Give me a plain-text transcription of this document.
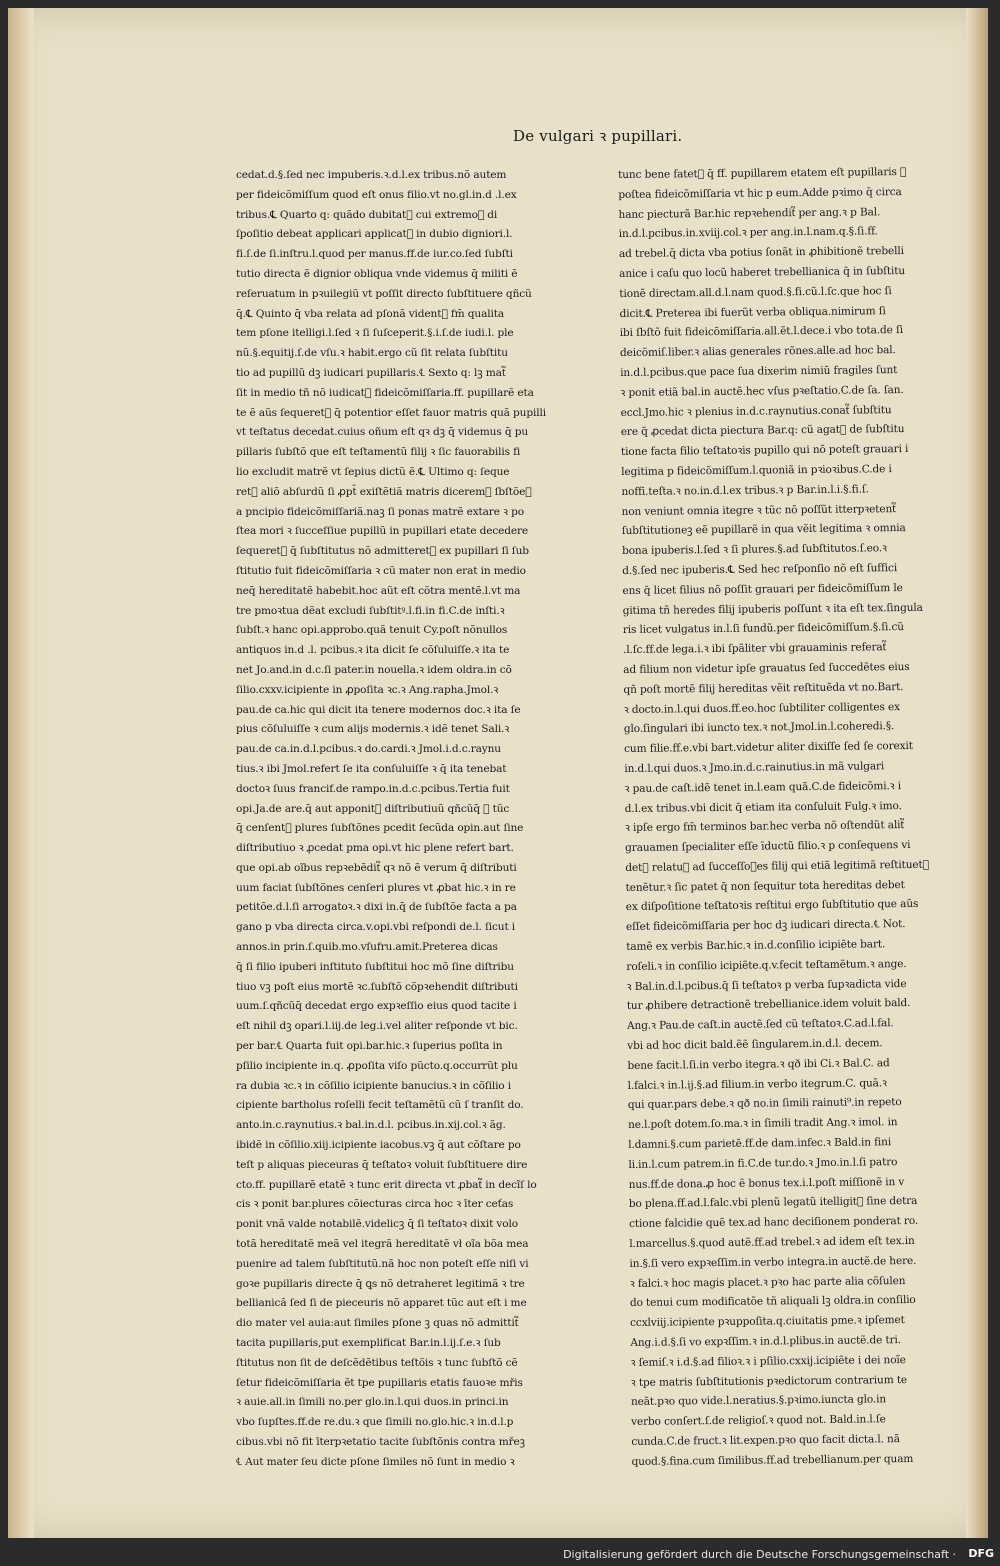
De vulgari ꝛ pupillari.
cedat.d.§.ſed nec impuberis.ꝛ.d.l.ex tribus.nõ autem
per fideicõmiſſum quod eſt onus filio.vt no.gl.in.d .l.ex
tribus.℄ Quarto q: quãdo dubitat᷑ cui extremoꝝ di
ſpoſitio debeat applicari applicat᷑ in dubio digniori.l.
fi.ſ.de ſi.inſtru.l.quod per manus.ff.de iur.co.ſed ſubſti
tutio directa ẽ dignior obliqua vnde videmus q̄ militi ẽ
reſeruatum in pꝛuilegiũ vt poſſit directo ſubſtituere qñcũ
q̄.℄ Quinto q̄ vba relata ad pſonã vident᷑ fm̄ qualita
tem pſone itelligi.l.ſed ꝛ ſi ſuſceperit.§.i.ſ.de iudi.l. ple
nũ.§.equitij.ſ.de vſu.ꝛ habit.ergo cũ ſit relata ſubſtitu
tio ad pupillũ dꝫ iudicari pupillaris.℄ Sexto q: lꝫ mat᷑
ſit in medio tñ nõ iudicat᷑ fideicõmiſſaria.ff. pupillarẽ eta
te ẽ aũs ſequeret᷑ q̄ potentior eſſet fauor matris quã pupilli
vt teſtatus decedat.cuius oñum eſt qꝛ dꝫ q̄ videmus q̄ pu
pillaris ſubſtõ que eſt teſtamentũ filij ꝛ ſic fauorabilis fi
lio excludit matrẽ vt ſepius dictũ ẽ.℄ Ultimo q: ſeque
ret᷑ aliõ abſurdũ ſi ꝓpt̄ exiſtẽtiã matris diceremꝰ ſbſtõeꝫ
a pncipio fideicõmiſſariã.naꝫ ſi ponas matrẽ extare ꝛ po
ſtea mori ꝛ ſucceſſiue pupillũ in pupillari etate decedere
ſequeret᷑ q̄ ſubſtitutus nõ admitteret᷑ ex pupillari ſi ſub
ſtitutio fuit fideicõmiſſaria ꝛ cũ mater non erat in medio
neq̄ hereditatẽ habebit.hoc aũt eſt cõtra mentẽ.l.vt ma
tre pmoꝛtua dẽat excludi ſubſtitꝰ.l.fi.in fi.C.de inſti.ꝛ
ſubſt.ꝛ hanc opi.approbo.quã tenuit Cy.poſt nõnullos
antiquos in.d .l. pcibus.ꝛ ita dicit ſe cõſuluiſſe.ꝛ ita te
net Jo.and.in d.c.ſi pater.in nouella.ꝛ idem oldra.in cõ
ſilio.cxxv.icipiente in ꝓpoſita ꝛc.ꝛ Ang.rapha.Jmol.ꝛ
pau.de ca.hic qui dicit ita tenere modernos doc.ꝛ ita ſe
pius cõſuluiſſe ꝛ cum alijs modernis.ꝛ idẽ tenet Sali.ꝛ
pau.de ca.in.d.l.pcibus.ꝛ do.cardi.ꝛ Jmol.i.d.c.raynu
tius.ꝛ ibi Jmol.refert ſe ita conſuluiſſe ꝛ q̄ ita tenebat
doctoꝛ ſuus francif.de rampo.in.d.c.pcibus.Tertia fuit
opi.Ja.de are.q̄ aut apponit᷑ diſtributiuũ qñcũq̄ ꝛ tũc
q̄ cenſent᷑ plures ſubſtõnes pcedit ſecũda opin.aut ſine
diſtributiuo ꝛ ꝓcedat pma opi.vt hic plene refert bart.
que opi.ab oĩbus repꝛebẽdit᷑ qꝛ nõ ẽ verum q̄ diſtributi
uum faciat ſubſtõnes cenſeri plures vt ꝓbat hic.ꝛ in re
petitõe.d.l.ſi arrogatoꝛ.ꝛ dixi in.q̄ de ſubſtõe facta a pa
gano p vba directa circa.v.opi.vbi reſpondi de.l. ſicut i
annos.in prin.ſ.quib.mo.vſufru.amit.Preterea dicas
q̄ ſi filio ipuberi inſtituto ſubſtitui hoc mõ ſine diſtribu
tiuo vꝫ poſt eius mortẽ ꝛc.ſubſtõ cõpꝛehendit diſtributi
uum.ſ.qñcũq̄ decedat ergo expꝛeſſio eius quod tacite i
eſt nihil dꝫ opari.l.iij.de leg.i.vel aliter reſponde vt bic.
per bar.℄ Quarta fuit opi.bar.hic.ꝛ ſuperius poſita in
pſilio incipiente in.q. ꝓpoſita viſo pũcto.q.occurrũt plu
ra dubia ꝛc.ꝛ in cõſilio icipiente banucius.ꝛ in cõſilio i
cipiente bartholus roſelli fecit teſtamẽtũ cũ ſ tranſit do.
anto.in.c.raynutius.ꝛ bal.in.d.l. pcibus.in.xij.col.ꝛ ãg.
ibidẽ in cõſilio.xiij.icipiente iacobus.vꝫ q̄ aut cõſtare po
teſt p aliquas pieceuras q̄ teſtatoꝛ voluit ſubſtituere dire
cto.ff. pupillarẽ etatẽ ꝛ tunc erit directa vt ꝓbat᷑ in decĩſ lo
cis ꝛ ponit bar.plures cõiecturas circa hoc ꝛ īter ceťas
ponit vnã valde notabilẽ.videlicꝫ q̄ ſi teſtatoꝛ dixit volo
totã hereditatẽ meã vel itegrã hereditatẽ vł oĩa bõa mea
puenire ad talem ſubſtitutũ.nã hoc non poteſt eſſe niſi vi
goꝛe pupillaris directe q̄ ꝗs nõ detraheret legitimã ꝛ tre
bellianicã ſed ſi de pieceuris nõ apparet tũc aut eſt i me
dio mater vel auia:aut ſimiles pſone ꝫ quas nõ admittit᷑
tacita pupillaris,put exemplificat Bar.in.l.ij.ſ.e.ꝛ ſub
ſtitutus non ſit de deſcẽdẽtibus teſtõis ꝛ tunc ſubſtõ cẽ
ſetur fideicõmiſſaria ẽt tpe pupillaris etatis fauoꝛe mřis
ꝛ auie.all.in ſimili no.per glo.in.l.qui duos.in princi.in
vbo ſupſtes.ff.de re.du.ꝛ que ſimili no.glo.hic.ꝛ in.d.l.p
cibus.vbi nõ fit īterpꝛetatio tacite ſubſtõnis contra mřeꝫ
℄ Aut mater ſeu dicte pſone ſimiles nõ ſunt in medio ꝛ
tunc bene fatet᷑ q̄ ff. pupillarem etatem eſt pupillaris ꝛ
poſtea fideicõmiſſaria vt hic p eum.Adde pꝛimo q̄ circa
hanc piecturã Bar.hic repꝛehendit᷑ per ang.ꝛ p Bal.
in.d.l.pcibus.in.xviij.col.ꝛ per ang.in.l.nam.q.§.ſi.ff.
ad trebel.q̄ dicta vba potius ſonãt in ꝓhibitionẽ trebelli
anice i caſu quo locũ haberet trebellianica q̄ in ſubſtitu
tionẽ directam.all.d.l.nam quod.§.fi.cũ.l.ſc.que hoc ſi
dicit.℄ Preterea ibi fuerũt verba obliqua.nimirum ſi
ibi ſbſtõ fuit fideicõmiſſaria.all.ẽt.l.dece.i vbo tota.de ſi
deicõmiſ.liber.ꝛ alias generales rõnes.alle.ad hoc bal.
in.d.l.pcibus.que pace ſua dixerim nimiũ fragiles ſunt
ꝛ ponit etiã bal.in auctẽ.hec vſus pꝛeſtatio.C.de ſa. ſan.
eccl.Jmo.hic ꝛ plenius in.d.c.raynutius.conat᷑ ſubſtitu
ere q̄ ꝓcedat dicta piectura Bar.q: cũ agat᷑ de ſubſtitu
tione facta filio teſtatoꝛis pupillo qui nõ poteſt grauari i
legitima p fideicõmiſſum.l.quoniã in pꝛioꝛibus.C.de i
noffi.teſta.ꝛ no.in.d.l.ex tribus.ꝛ p Bar.in.l.i.§.fi.ſ.
non veniunt omnia itegre ꝛ tũc nõ poſſũt itterpꝛetent᷑
ſubſtitutioneꝫ eẽ pupillarẽ in qua vẽit legitima ꝛ omnia
bona ipuberis.l.ſed ꝛ ſi plures.§.ad ſubſtitutos.ſ.eo.ꝛ
d.§.ſed nec ipuberis.℄ Sed hec reſponſio nõ eſt ſuffici
ens q̄ licet filius nõ poſſit grauari per fideicõmiſſum le
gitima tñ heredes filij ipuberis poſſunt ꝛ ita eſt tex.ſingula
ris licet vulgatus in.l.ſi fundũ.per fideicõmiſſum.§.ſi.cũ
.l.ſc.ff.de lega.i.ꝛ ibi ſpãliter vbi grauaminis referat᷑
ad filium non videtur ipſe grauatus ſed ſuccedẽtes eius
qñ poſt mortẽ filij hereditas vẽit reſtituẽda vt no.Bart.
ꝛ docto.in.l.qui duos.ff.eo.hoc ſubtiliter colligentes ex
glo.ſingulari ibi iuncto tex.ꝛ not.Jmol.in.l.coheredi.§.
cum filie.ff.e.vbi bart.videtur aliter dixiſſe ſed ſe corexit
in.d.l.qui duos.ꝛ Jmo.in.d.c.rainutius.in mã vulgari
ꝛ pau.de caſt.idẽ tenet in.l.eam quã.C.de fideicõmi.ꝛ i
d.l.ex tribus.vbi dicit q̄ etiam ita conſuluit Fulg.ꝛ imo.
ꝛ ipſe ergo fm̄ terminos bar.hec verba nõ oſtendũt alit᷑
grauamen ſpecialiter eſſe īductũ filio.ꝛ p conſequens vi
det᷑ relatuꝫ ad ſucceſſoꝛes filij qui etiã legitimã reſtituet᷑
tenẽtur.ꝛ ſic patet q̄ non ſequitur tota hereditas debet
ex diſpoſitione teſtatoꝛis reſtitui ergo ſubſtitutio que aũs
eſſet fideicõmiſſaria per hoc dꝫ iudicari directa.℄ Not.
tamẽ ex verbis Bar.hic.ꝛ in.d.conſilio icipiẽte bart.
roſeli.ꝛ in conſilio icipiẽte.q.v.fecit teſtamẽtum.ꝛ ange.
ꝛ Bal.in.d.l.pcibus.q̄ ſi teſtatoꝛ p verba ſupꝛadicta vide
tur ꝓhibere detractionẽ trebellianice.idem voluit bald.
Ang.ꝛ Pau.de caſt.in auctẽ.ſed cũ teſtatoꝛ.C.ad.l.fal.
vbi ad hoc dicit bald.ẽẽ ſingularem.in.d.l. decem.
bene facit.l.ſi.in verbo itegra.ꝛ qð ibi Ci.ꝛ Bal.C. ad
l.falci.ꝛ in.l.ij.§.ad filium.in verbo itegrum.C. quã.ꝛ
qui quar.pars debe.ꝛ qð no.in ſimili rainuti⁹.in repeto
ne.l.poſt dotem.ſo.ma.ꝛ in ſimili tradit Ang.ꝛ imol. in
l.damni.§.cum parietẽ.ff.de dam.infec.ꝛ Bald.in fini
li.in.l.cum patrem.in fi.C.de tur.do.ꝛ Jmo.in.l.ſi patro
nus.ff.de dona.ꝓ hoc ẽ bonus tex.i.l.poſt miſſionẽ in v
bo plena.ff.ad.l.falc.vbi plenũ legatũ itelligit᷑ ſine detra
ctione falcidie quẽ tex.ad hanc deciſionem ponderat ro.
l.marcellus.§.quod autẽ.ff.ad trebel.ꝛ ad idem eſt tex.in
in.§.ſi vero expꝛeſſim.in verbo integra.in auctẽ.de here.
ꝛ falci.ꝛ hoc magis placet.ꝛ pꝛo hac parte alia cõſulen
do tenui cum modificatõe tñ aliquali lꝫ oldra.in conſilio
ccxlviij.icipiente pꝛuppoſita.q.ciuitatis pme.ꝛ ipſemet
Ang.i.d.§.ſi vo expꝛſſim.ꝛ in.d.l.plibus.in auctẽ.de tri.
ꝛ ſemiſ.ꝛ i.d.§.ad filioꝛ.ꝛ i pſilio.cxxij.icipiẽte i dei noĩe
ꝛ tpe matris ſubſtitutionis pꝛedictorum contrarium te
neãt.pꝛo quo vide.l.neratius.§.pꝛimo.iuncta glo.in
verbo conſert.ſ.de religioſ.ꝛ quod not. Bald.in.l.ſe
cunda.C.de fruct.ꝛ lit.expen.pꝛo quo facit dicta.l. nã
quod.§.fina.cum ſimilibus.ff.ad trebellianum.per quam
Digitalisierung gefördert durch die Deutsche Forschungsgemeinschaft · DFG
